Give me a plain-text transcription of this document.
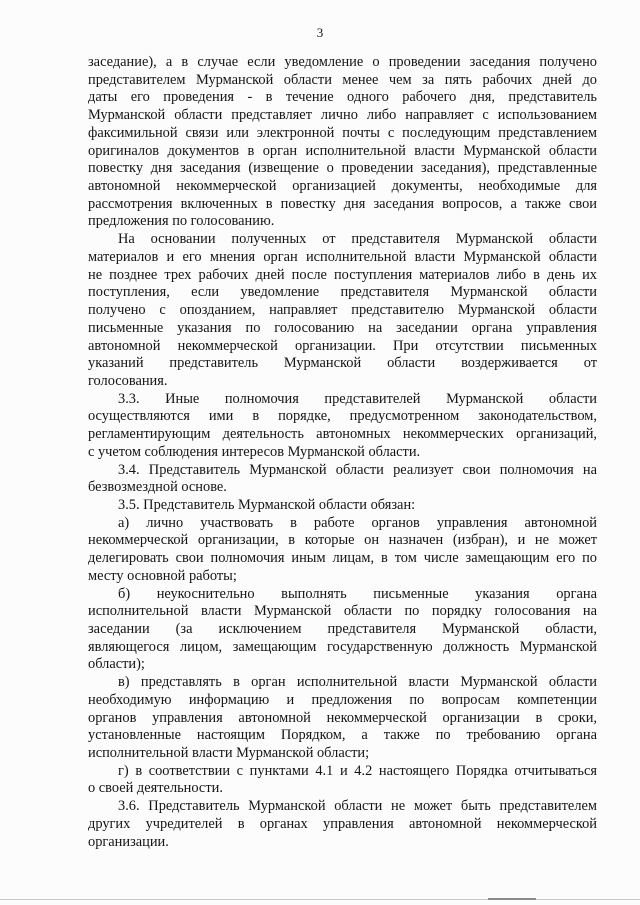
3
заседание), а в случае если уведомление о проведении заседания получено
представителем Мурманской области менее чем за пять рабочих дней до
даты его проведения - в течение одного рабочего дня, представитель
Мурманской области представляет лично либо направляет с использованием
факсимильной связи или электронной почты с последующим представлением
оригиналов документов в орган исполнительной власти Мурманской области
повестку дня заседания (извещение о проведении заседания), представленные
автономной некоммерческой организацией документы, необходимые для
рассмотрения включенных в повестку дня заседания вопросов, а также свои
предложения по голосованию.
На основании полученных от представителя Мурманской области
материалов и его мнения орган исполнительной власти Мурманской области
не позднее трех рабочих дней после поступления материалов либо в день их
поступления, если уведомление представителя Мурманской области
получено с опозданием, направляет представителю Мурманской области
письменные указания по голосованию на заседании органа управления
автономной некоммерческой организации. При отсутствии письменных
указаний представитель Мурманской области воздерживается от
голосования.
3.3. Иные полномочия представителей Мурманской области
осуществляются ими в порядке, предусмотренном законодательством,
регламентирующим деятельность автономных некоммерческих организаций,
с учетом соблюдения интересов Мурманской области.
3.4. Представитель Мурманской области реализует свои полномочия на
безвозмездной основе.
3.5. Представитель Мурманской области обязан:
а) лично участвовать в работе органов управления автономной
некоммерческой организации, в которые он назначен (избран), и не может
делегировать свои полномочия иным лицам, в том числе замещающим его по
месту основной работы;
б) неукоснительно выполнять письменные указания органа
исполнительной власти Мурманской области по порядку голосования на
заседании (за исключением представителя Мурманской области,
являющегося лицом, замещающим государственную должность Мурманской
области);
в) представлять в орган исполнительной власти Мурманской области
необходимую информацию и предложения по вопросам компетенции
органов управления автономной некоммерческой организации в сроки,
установленные настоящим Порядком, а также по требованию органа
исполнительной власти Мурманской области;
г) в соответствии с пунктами 4.1 и 4.2 настоящего Порядка отчитываться
о своей деятельности.
3.6. Представитель Мурманской области не может быть представителем
других учредителей в органах управления автономной некоммерческой
организации.
